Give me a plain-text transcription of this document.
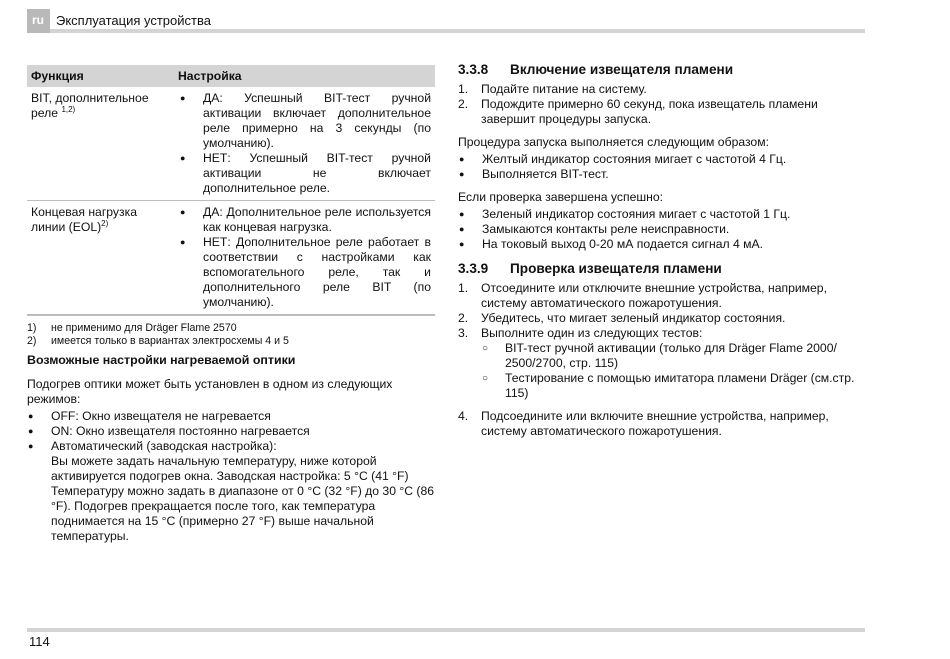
ru Эксплуатация устройства
Функция	Настройка
BIT, дополнительное реле $^{1,2)}$	● ДА: Успешный BIT-тест ручной активации включает дополнительное реле примерно на 3 секунды (по умолчанию).
● НЕТ: Успешный BIT-тест ручной активации не включает дополнительное реле.

Концевая нагрузка линии (EOL)$^{2)}$	● ДА: Дополнительное реле используется как концевая нагрузка.
● НЕТ: Дополнительное реле работает в соответствии с настройками как вспомогательного реле, так и дополнительного реле BIT (по умолчанию).
1) не применимо для Dräger Flame 2570
2) имеется только в вариантах электросхемы 4 и 5
Возможные настройки нагреваемой оптики

Подогрев оптики может быть установлен в одном из следующих режимов:

● OFF: Окно извещателя не нагревается
● ON: Окно извещателя постоянно нагревается
● Автоматический (заводская настройка):
Вы можете задать начальную температуру, ниже которой активируется подогрев окна. Заводская настройка: 5 °C (41 °F) Температуру можно задать в диапазоне от 0 °C (32 °F) до 30 °C (86 °F). Подогрев прекращается после того, как температура поднимается на 15 °C (примерно 27 °F) выше начальной температуры.
3.3.8 Включение извещателя пламени
1. Подайте питание на систему.
2. Подождите примерно 60 секунд, пока извещатель пламени завершит процедуры запуска.

Процедура запуска выполняется следующим образом:

● Желтый индикатор состояния мигает с частотой 4 Гц.
● Выполняется BIT-тест.

Если проверка завершена успешно:

● Зеленый индикатор состояния мигает с частотой 1 Гц.
● Замыкаются контакты реле неисправности.
● На токовый выход 0-20 мА подается сигнал 4 мА.
3.3.9 Проверка извещателя пламени
1. Отсоедините или отключите внешние устройства, например, систему автоматического пожаротушения.
2. Убедитесь, что мигает зеленый индикатор состояния.
3. Выполните один из следующих тестов:
○ BIT-тест ручной активации (только для Dräger Flame 2000/ 2500/2700, стр. 115)
○ Тестирование с помощью имитатора пламени Dräger (см.стр. 115)
4. Подсоедините или включите внешние устройства, например, систему автоматического пожаротушения.
114
